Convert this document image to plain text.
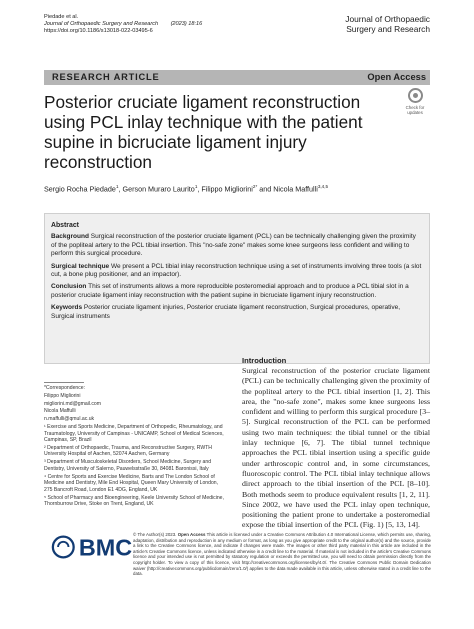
Piedade et al.
Journal of Orthopaedic Surgery and Research (2023) 18:16
https://doi.org/10.1186/s13018-022-03495-6
Journal of Orthopaedic
Surgery and Research
RESEARCH ARTICLE	Open Access
Posterior cruciate ligament reconstruction using PCL inlay technique with the patient supine in bicruciate ligament injury reconstruction
Check for updates
Sergio Rocha Piedade$^1$, Gerson Muraro Laurito$^1$, Filippo Migliorini$^{2*}$ and Nicola Maffulli$^{3,4,5}$
Abstract

Background Surgical reconstruction of the posterior cruciate ligament (PCL) can be technically challenging given the proximity of the popliteal artery to the PCL tibial insertion. This "no-safe zone" makes some knee surgeons less confident and willing to perform this surgical procedure.

Surgical technique We present a PCL tibial inlay reconstruction technique using a set of instruments involving three tools (a slot cut, a bone plug positioner, and an impactor).

Conclusion This set of instruments allows a more reproducible posteromedial approach and to produce a PCL tibial slot in a posterior cruciate ligament inlay reconstruction with the patient supine in bicruciate ligament injury reconstruction.

Keywords Posterior cruciate ligament injuries, Posterior cruciate ligament reconstruction, Surgical procedures, operative, Surgical instruments

Introduction
Surgical reconstruction of the posterior cruciate ligament (PCL) can be technically challenging given the proximity of the popliteal artery to the PCL tibial insertion [1, 2]. This area, the "no-safe zone", makes some knee surgeons less confident and willing to perform this surgical procedure [3–5]. Surgical reconstruction of the PCL can be performed using two main techniques: the tibial tunnel or the tibial inlay technique [6, 7]. The tibial tunnel technique approaches the PCL tibial insertion using a specific guide under arthroscopic control and, in some circumstances, fluoroscopic control. The PCL tibial inlay technique allows direct approach to the tibial insertion of the PCL [8–10]. Both methods seem to produce equivalent results [1, 2, 11]. Since 2002, we have used the PCL inlay open technique, positioning the patient prone to undertake a posteromedial expose the tibial insertion of the PCL (Fig. 1) [5, 13, 14].

*Correspondence:

Filippo Migliorini

migliorini.md@gmail.com

Nicola Maffulli

n.maffulli@qmul.ac.uk

¹ Exercise and Sports Medicine, Department of Orthopedic, Rheumatology, and Traumatology, University of Campinas - UNICAMP, School of Medical Sciences, Campinas, SP, Brazil

² Department of Orthopaedic, Trauma, and Reconstructive Surgery, RWTH University Hospital of Aachen, 52074 Aachen, Germany

³ Department of Musculoskeletal Disorders, School Medicine, Surgery and Dentistry, University of Salerno, Pauwelsstraße 30, 84081 Baronissi, Italy

⁴ Centre for Sports and Exercise Medicine, Barts and The London School of Medicine and Dentistry, Mile End Hospital, Queen Mary University of London, 275 Bancroft Road, London E1 4DG, England, UK

⁵ School of Pharmacy and Bioengineering, Keele University School of Medicine, Thornburrow Drive, Stoke on Trent, England, UK

BMC
© The Author(s) 2023. Open Access This article is licensed under a Creative Commons Attribution 4.0 International License, which permits use, sharing, adaptation, distribution and reproduction in any medium or format, as long as you give appropriate credit to the original author(s) and the source, provide a link to the Creative Commons licence, and indicate if changes were made. The images or other third party material in this article are included in the article's Creative Commons licence, unless indicated otherwise in a credit line to the material. If material is not included in the article's Creative Commons licence and your intended use is not permitted by statutory regulation or exceeds the permitted use, you will need to obtain permission directly from the copyright holder. To view a copy of this licence, visit http://creativecommons.org/licenses/by/4.0/. The Creative Commons Public Domain Dedication waiver (http://creativecommons.org/publicdomain/zero/1.0/) applies to the data made available in this article, unless otherwise stated in a credit line to the data.
